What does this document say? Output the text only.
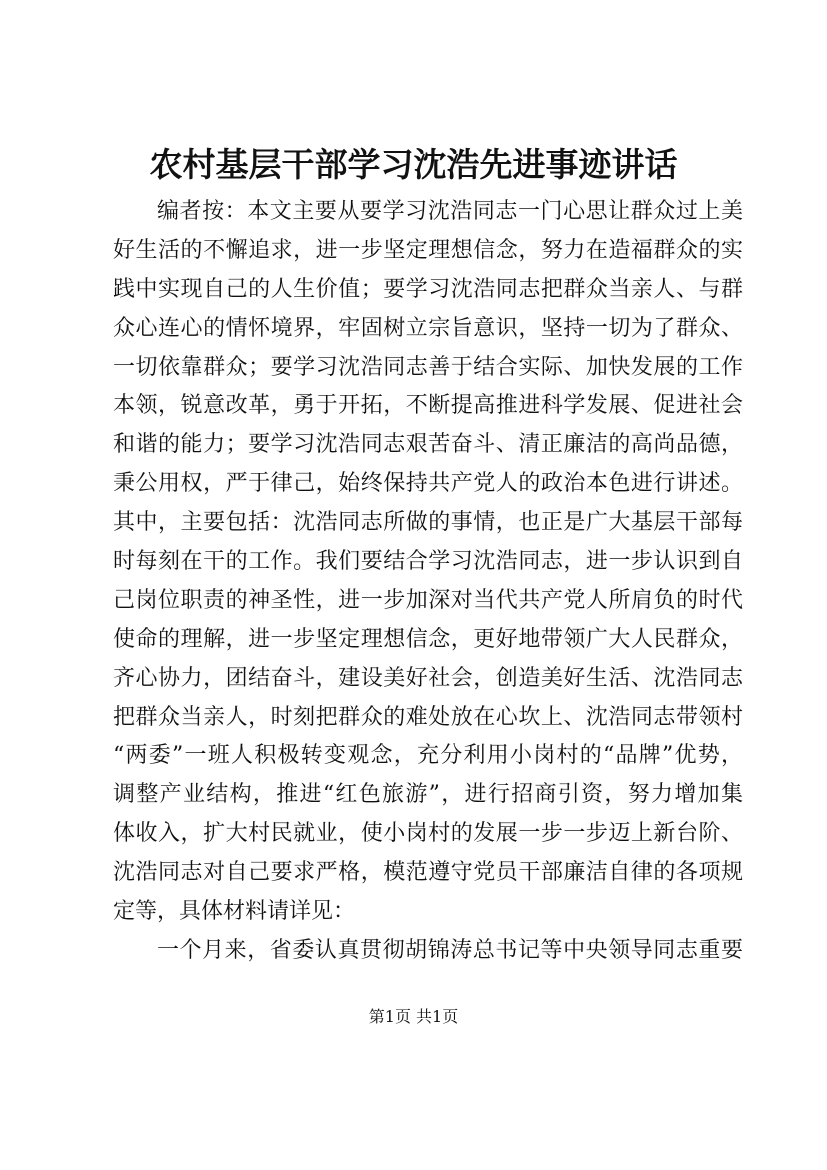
农村基层干部学习沈浩先进事迹讲话
编者按：本文主要从要学习沈浩同志一门心思让群众过上美
好生活的不懈追求，进一步坚定理想信念，努力在造福群众的实
践中实现自己的人生价值；要学习沈浩同志把群众当亲人、与群
众心连心的情怀境界，牢固树立宗旨意识，坚持一切为了群众、
一切依靠群众；要学习沈浩同志善于结合实际、加快发展的工作
本领，锐意改革，勇于开拓，不断提高推进科学发展、促进社会
和谐的能力；要学习沈浩同志艰苦奋斗、清正廉洁的高尚品德，
秉公用权，严于律己，始终保持共产党人的政治本色进行讲述。
其中，主要包括：沈浩同志所做的事情，也正是广大基层干部每
时每刻在干的工作。我们要结合学习沈浩同志，进一步认识到自
己岗位职责的神圣性，进一步加深对当代共产党人所肩负的时代
使命的理解，进一步坚定理想信念，更好地带领广大人民群众，
齐心协力，团结奋斗，建设美好社会，创造美好生活、沈浩同志
把群众当亲人，时刻把群众的难处放在心坎上、沈浩同志带领村
“两委”一班人积极转变观念，充分利用小岗村的“品牌”优势，
调整产业结构，推进“红色旅游”，进行招商引资，努力增加集
体收入，扩大村民就业，使小岗村的发展一步一步迈上新台阶、
沈浩同志对自己要求严格，模范遵守党员干部廉洁自律的各项规
定等，具体材料请详见：
一个月来，省委认真贯彻胡锦涛总书记等中央领导同志重要
第1页 共1页
